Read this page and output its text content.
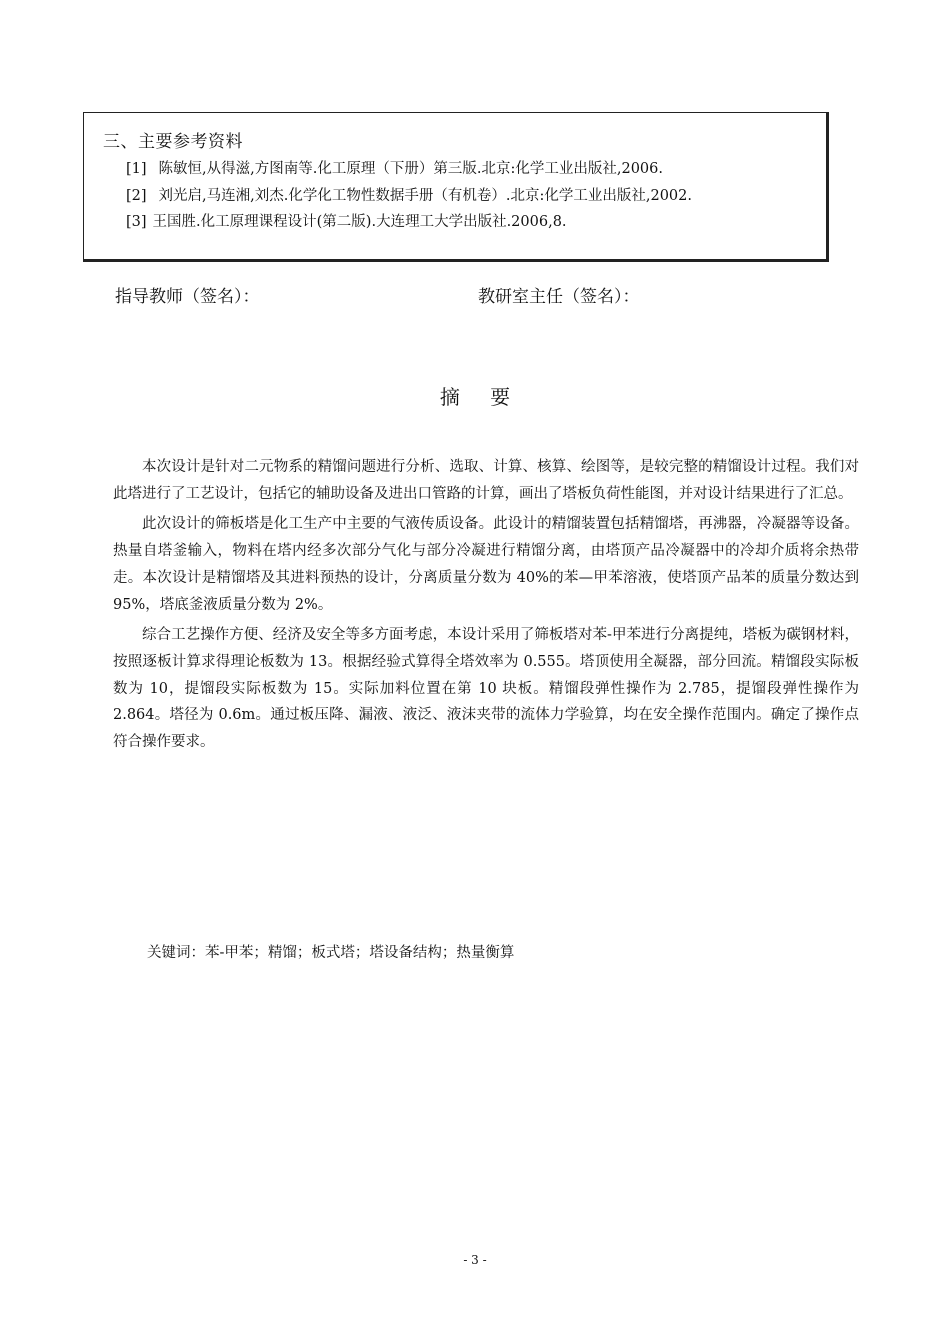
三、主要参考资料
[1] 陈敏恒,从得滋,方图南等.化工原理（下册）第三版.北京:化学工业出版社,2006.
[2] 刘光启,马连湘,刘杰.化学化工物性数据手册（有机卷）.北京:化学工业出版社,2002.
[3] 王国胜.化工原理课程设计(第二版).大连理工大学出版社.2006,8.
指导教师（签名）：	教研室主任（签名）：
摘 要

本次设计是针对二元物系的精馏问题进行分析、选取、计算、核算、绘图等，是较完整的精馏设计过程。我们对此塔进行了工艺设计，包括它的辅助设备及进出口管路的计算，画出了塔板负荷性能图，并对设计结果进行了汇总。

此次设计的筛板塔是化工生产中主要的气液传质设备。此设计的精馏装置包括精馏塔，再沸器，冷凝器等设备。热量自塔釜输入，物料在塔内经多次部分气化与部分冷凝进行精馏分离，由塔顶产品冷凝器中的冷却介质将余热带走。本次设计是精馏塔及其进料预热的设计，分离质量分数为 40%的苯—甲苯溶液，使塔顶产品苯的质量分数达到 95%，塔底釜液质量分数为 2%。

综合工艺操作方便、经济及安全等多方面考虑，本设计采用了筛板塔对苯-甲苯进行分离提纯，塔板为碳钢材料，按照逐板计算求得理论板数为 13。根据经验式算得全塔效率为 0.555。塔顶使用全凝器，部分回流。精馏段实际板数为 10，提馏段实际板数为 15。实际加料位置在第 10 块板。精馏段弹性操作为 2.785，提馏段弹性操作为 2.864。塔径为 0.6m。通过板压降、漏液、液泛、液沫夹带的流体力学验算，均在安全操作范围内。确定了操作点符合操作要求。

关键词：苯-甲苯；精馏；板式塔；塔设备结构；热量衡算
- 3 -
